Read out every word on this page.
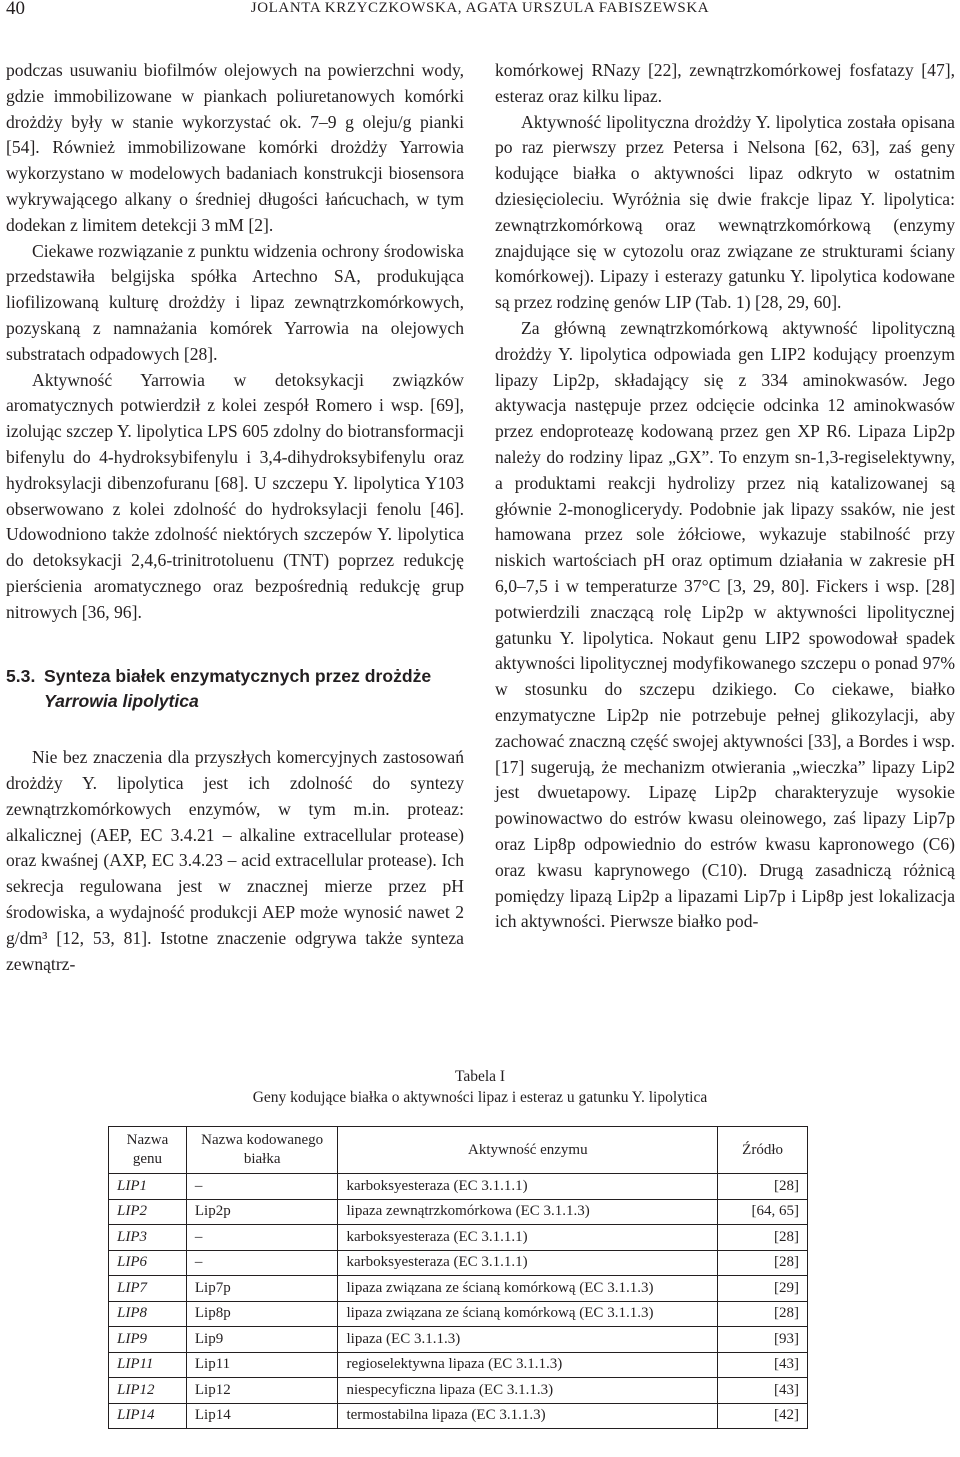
40	JOLANTA KRZYCZKOWSKA, AGATA URSZULA FABISZEWSKA

podczas usuwaniu biofilmów olejowych na powierzchni wody, gdzie immobilizowane w piankach poliuretanowych komórki drożdży były w stanie wykorzystać ok. 7–9 g oleju/g pianki [54]. Również immobilizowane komórki drożdży Yarrowia wykorzystano w modelowych badaniach konstrukcji biosensora wykrywającego alkany o średniej długości łańcuchach, w tym dodekan z limitem detekcji 3 mM [2].

Ciekawe rozwiązanie z punktu widzenia ochrony środowiska przedstawiła belgijska spółka Artechno SA, produkująca liofilizowaną kulturę drożdży i lipaz zewnątrzkomórkowych, pozyskaną z namnażania komórek Yarrowia na olejowych substratach odpadowych [28].

Aktywność Yarrowia w detoksykacji związków aromatycznych potwierdził z kolei zespół Romero i wsp. [69], izolując szczep Y. lipolytica LPS 605 zdolny do biotransformacji bifenylu do 4-hydroksybifenylu i 3,4-dihydroksybifenylu oraz hydroksylacji dibenzofuranu [68]. U szczepu Y. lipolytica Y103 obserwowano z kolei zdolność do hydroksylacji fenolu [46]. Udowodniono także zdolność niektórych szczepów Y. lipolytica do detoksykacji 2,4,6-trinitrotoluenu (TNT) poprzez redukcję pierścienia aromatycznego oraz bezpośrednią redukcję grup nitrowych [36, 96].

5.3. Synteza białek enzymatycznych przez drożdże
Yarrowia lipolytica

Nie bez znaczenia dla przyszłych komercyjnych zastosowań drożdży Y. lipolytica jest ich zdolność do syntezy zewnątrzkomórkowych enzymów, w tym m.in. proteaz: alkalicznej (AEP, EC 3.4.21 – alkaline extracellular protease) oraz kwaśnej (AXP, EC 3.4.23 – acid extracellular protease). Ich sekrecja regulowana jest w znacznej mierze przez pH środowiska, a wydajność produkcji AEP może wynosić nawet 2 g/dm³ [12, 53, 81]. Istotne znaczenie odgrywa także synteza zewnątrz-

komórkowej RNazy [22], zewnątrzkomórkowej fosfatazy [47], esteraz oraz kilku lipaz.

Aktywność lipolityczna drożdży Y. lipolytica została opisana po raz pierwszy przez Petersa i Nelsona [62, 63], zaś geny kodujące białka o aktywności lipaz odkryto w ostatnim dziesięcioleciu. Wyróżnia się dwie frakcje lipaz Y. lipolytica: zewnątrzkomórkową oraz wewnątrzkomórkową (enzymy znajdujące się w cytozolu oraz związane ze strukturami ściany komórkowej). Lipazy i esterazy gatunku Y. lipolytica kodowane są przez rodzinę genów LIP (Tab. 1) [28, 29, 60].

Za główną zewnątrzkomórkową aktywność lipolityczną drożdży Y. lipolytica odpowiada gen LIP2 kodujący proenzym lipazy Lip2p, składający się z 334 aminokwasów. Jego aktywacja następuje przez odcięcie odcinka 12 aminokwasów przez endoproteazę kodowaną przez gen XP R6. Lipaza Lip2p należy do rodziny lipaz „GX”. To enzym sn-1,3-regiselektywny, a produktami reakcji hydrolizy przez nią katalizowanej są głównie 2-monoglicerydy. Podobnie jak lipazy ssaków, nie jest hamowana przez sole żółciowe, wykazuje stabilność przy niskich wartościach pH oraz optimum działania w zakresie pH 6,0–7,5 i w temperaturze 37°C [3, 29, 80]. Fickers i wsp. [28] potwierdzili znaczącą rolę Lip2p w aktywności lipolitycznej gatunku Y. lipolytica. Nokaut genu LIP2 spowodował spadek aktywności lipolitycznej modyfikowanego szczepu o ponad 97% w stosunku do szczepu dzikiego. Co ciekawe, białko enzymatyczne Lip2p nie potrzebuje pełnej glikozylacji, aby zachować znaczną część swojej aktywności [33], a Bordes i wsp. [17] sugerują, że mechanizm otwierania „wieczka” lipazy Lip2 jest dwuetapowy. Lipazę Lip2p charakteryzuje wysokie powinowactwo do estrów kwasu oleinowego, zaś lipazy Lip7p oraz Lip8p odpowiednio do estrów kwasu kapronowego (C6) oraz kwasu kaprynowego (C10). Drugą zasadniczą różnicą pomiędzy lipazą Lip2p a lipazami Lip7p i Lip8p jest lokalizacja ich aktywności. Pierwsze białko pod-

Tabela I
Geny kodujące białka o aktywności lipaz i esteraz u gatunku Y. lipolytica
Nazwa genu	Nazwa kodowanego białka	Aktywność enzymu	Źródło
LIP1	–	karboksyesteraza (EC 3.1.1.1)	[28]
LIP2	Lip2p	lipaza zewnątrzkomórkowa (EC 3.1.1.3)	[64, 65]
LIP3	–	karboksyesteraza (EC 3.1.1.1)	[28]
LIP6	–	karboksyesteraza (EC 3.1.1.1)	[28]
LIP7	Lip7p	lipaza związana ze ścianą komórkową (EC 3.1.1.3)	[29]
LIP8	Lip8p	lipaza związana ze ścianą komórkową (EC 3.1.1.3)	[28]
LIP9	Lip9	lipaza (EC 3.1.1.3)	[93]
LIP11	Lip11	regioselektywna lipaza (EC 3.1.1.3)	[43]
LIP12	Lip12	niespecyficzna lipaza (EC 3.1.1.3)	[43]
LIP14	Lip14	termostabilna lipaza (EC 3.1.1.3)	[42]
